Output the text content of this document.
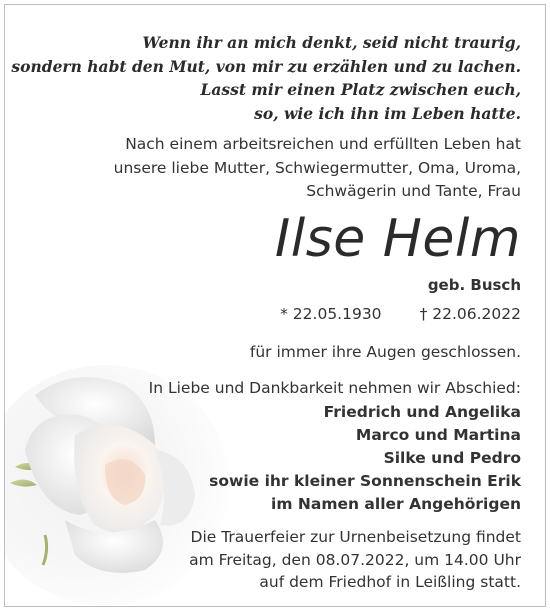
Wenn ihr an mich denkt, seid nicht traurig,
sondern habt den Mut, von mir zu erzählen und zu lachen.
Lasst mir einen Platz zwischen euch,
so, wie ich ihn im Leben hatte.
Nach einem arbeitsreichen und erfüllten Leben hat
unsere liebe Mutter, Schwiegermutter, Oma, Uroma,
Schwägerin und Tante, Frau
Ilse Helm
geb. Busch
* 22.05.1930 † 22.06.2022
für immer ihre Augen geschlossen.
In Liebe und Dankbarkeit nehmen wir Abschied:
Friedrich und Angelika
Marco und Martina
Silke und Pedro
sowie ihr kleiner Sonnenschein Erik
im Namen aller Angehörigen
Die Trauerfeier zur Urnenbeisetzung findet
am Freitag, den 08.07.2022, um 14.00 Uhr
auf dem Friedhof in Leißling statt.
